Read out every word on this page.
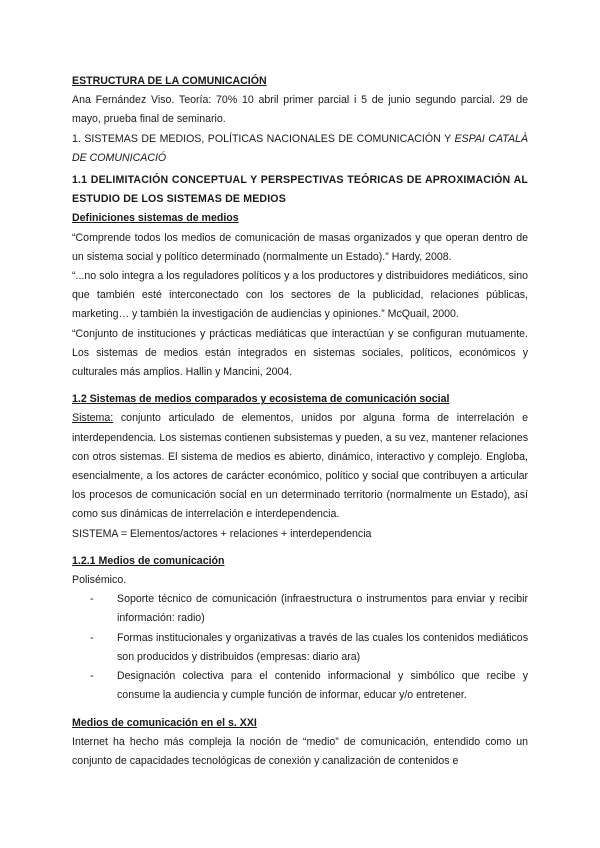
ESTRUCTURA DE LA COMUNICACIÓN

Ana Fernández Viso. Teoría: 70% 10 abril primer parcial i 5 de junio segundo parcial. 29 de mayo, prueba final de seminario.

1. SISTEMAS DE MEDIOS, POLÍTICAS NACIONALES DE COMUNICACIÓN Y ESPAI CATALÀ DE COMUNICACIÓ

1.1 DELIMITACIÓN CONCEPTUAL Y PERSPECTIVAS TEÓRICAS DE APROXIMACIÓN AL ESTUDIO DE LOS SISTEMAS DE MEDIOS

Definiciones sistemas de medios

“Comprende todos los medios de comunicación de masas organizados y que operan dentro de un sistema social y político determinado (normalmente un Estado).” Hardy, 2008.

“...no solo integra a los reguladores políticos y a los productores y distribuidores mediáticos, sino que también esté interconectado con los sectores de la publicidad, relaciones públicas, marketing… y también la investigación de audiencias y opiniones.” McQuail, 2000.

“Conjunto de instituciones y prácticas mediáticas que interactúan y se configuran mutuamente. Los sistemas de medios están integrados en sistemas sociales, políticos, económicos y culturales más amplios. Hallin y Mancini, 2004.

1.2 Sistemas de medios comparados y ecosistema de comunicación social

Sistema: conjunto articulado de elementos, unidos por alguna forma de interrelación e interdependencia. Los sistemas contienen subsistemas y pueden, a su vez, mantener relaciones con otros sistemas. El sistema de medios es abierto, dinámico, interactivo y complejo. Engloba, esencialmente, a los actores de carácter económico, político y social que contribuyen a articular los procesos de comunicación social en un determinado territorio (normalmente un Estado), así como sus dinámicas de interrelación e interdependencia.

SISTEMA = Elementos/actores + relaciones + interdependencia

1.2.1 Medios de comunicación

Polisémico.

- Soporte técnico de comunicación (infraestructura o instrumentos para enviar y recibir información: radio)
- Formas institucionales y organizativas a través de las cuales los contenidos mediáticos son producidos y distribuidos (empresas: diario ara)
- Designación colectiva para el contenido informacional y simbólico que recibe y consume la audiencia y cumple función de informar, educar y/o entretener.

Medios de comunicación en el s. XXI

Internet ha hecho más compleja la noción de “medio” de comunicación, entendido como un conjunto de capacidades tecnológicas de conexión y canalización de contenidos e
